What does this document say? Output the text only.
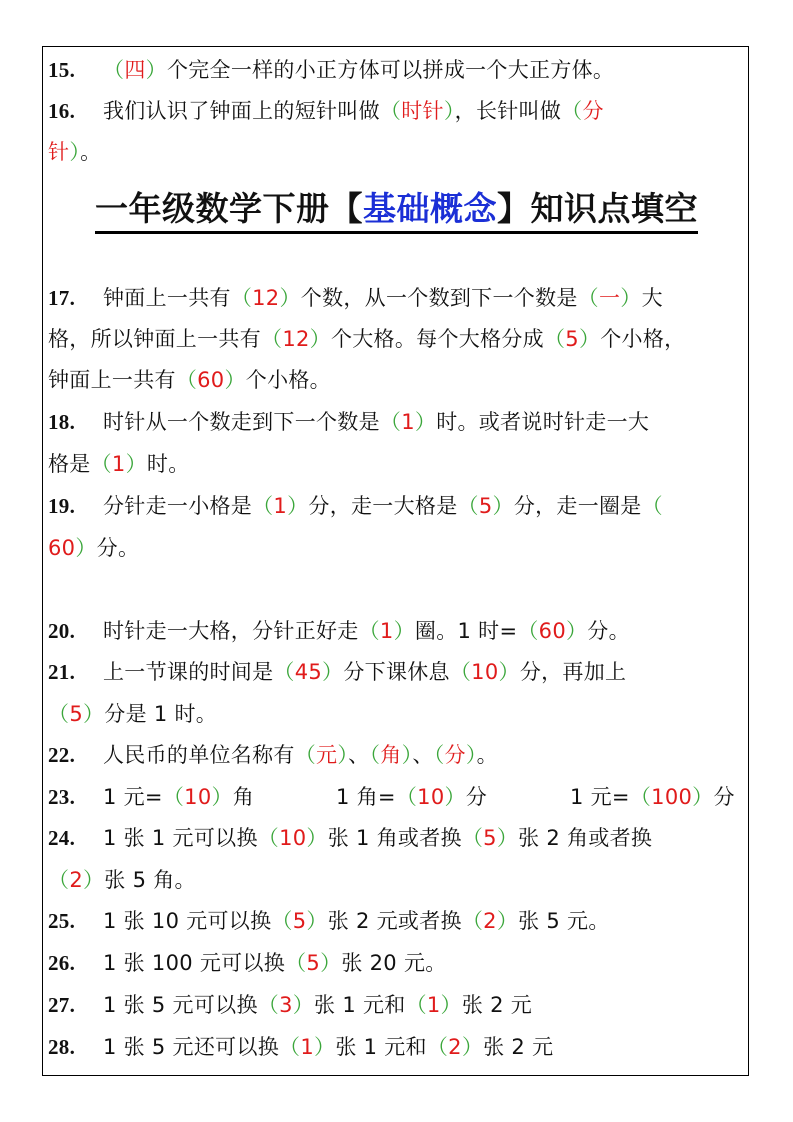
15. （四）个完全一样的小正方体可以拼成一个大正方体。
16. 我们认识了钟面上的短针叫做（时针），长针叫做（分
针）。
一年级数学下册【基础概念】知识点填空
17. 钟面上一共有（12）个数，从一个数到下一个数是（一）大
格，所以钟面上一共有（12）个大格。每个大格分成（5）个小格，
钟面上一共有（60）个小格。
18. 时针从一个数走到下一个数是（1）时。或者说时针走一大
格是（1）时。
19. 分针走一小格是（1）分，走一大格是（5）分，走一圈是（
60）分。
20. 时针走一大格，分针正好走（1）圈。1 时=（60）分。
21. 上一节课的时间是（45）分下课休息（10）分，再加上
（5）分是 1 时。
22. 人民币的单位名称有（元）、（角）、（分）。
23. 1 元=（10）角	1 角=（10）分	1 元=（100）分
24. 1 张 1 元可以换（10）张 1 角或者换（5）张 2 角或者换
（2）张 5 角。
25. 1 张 10 元可以换（5）张 2 元或者换（2）张 5 元。
26. 1 张 100 元可以换（5）张 20 元。
27. 1 张 5 元可以换（3）张 1 元和（1）张 2 元
28. 1 张 5 元还可以换（1）张 1 元和（2）张 2 元
